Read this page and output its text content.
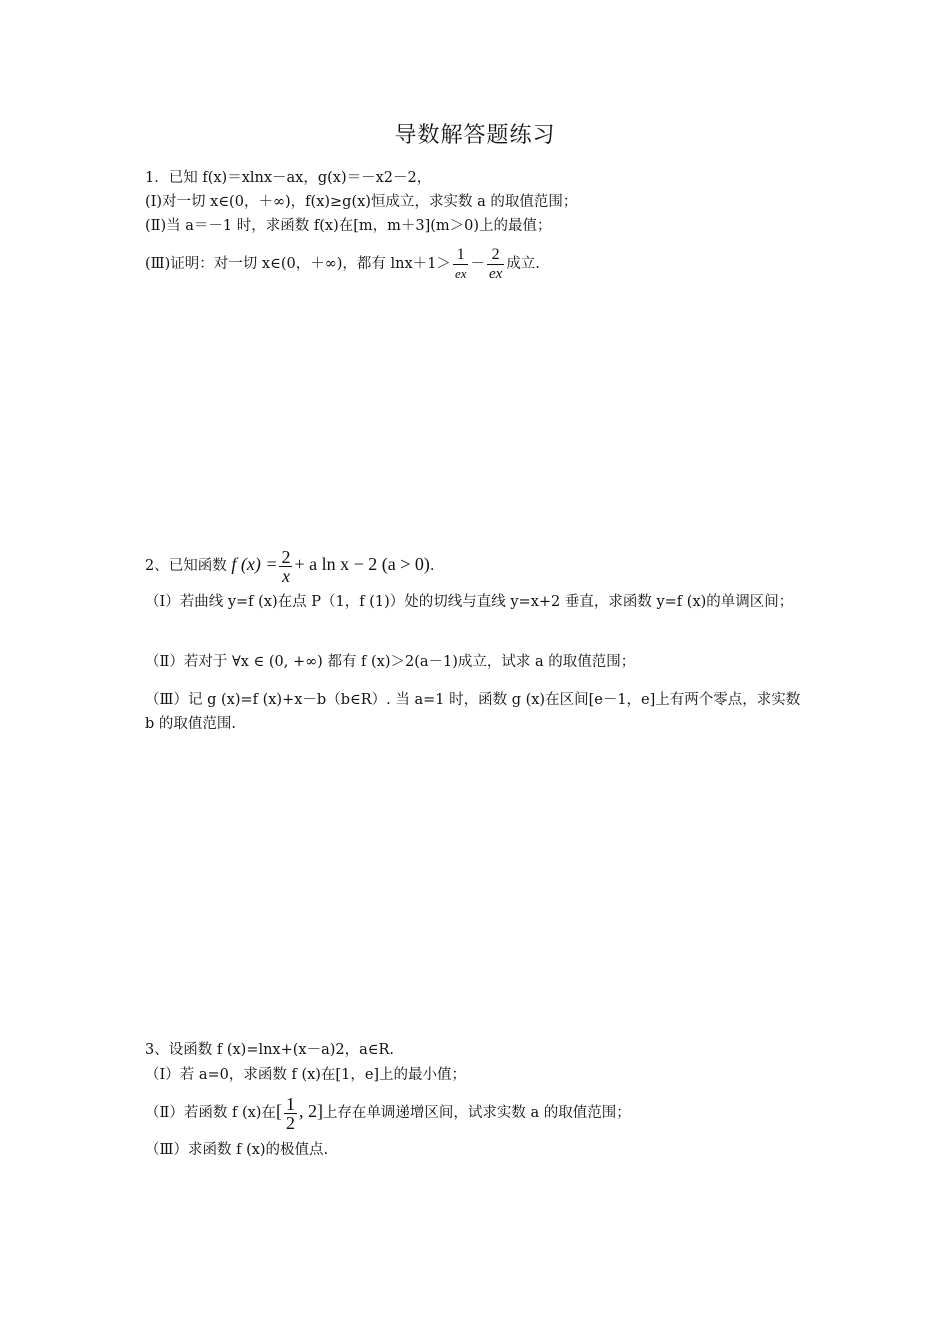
导数解答题练习
1．已知 f(x)＝xlnx－ax，g(x)＝－x2－2，
(Ⅰ)对一切 x∈(0，＋∞)，f(x)≥g(x)恒成立，求实数 a 的取值范围；
(Ⅱ)当 a＝－1 时，求函数 f(x)在[m，m＋3](m＞0)上的最值；
(Ⅲ)证明：对一切 x∈(0，＋∞)，都有 $\ln x+1> \frac{1}{ex} - \frac{2}{ex}$ 成立.
2、已知函数 f $(x) = \frac{2}{x} + a$ ln x − 2 (a > 0).
（Ⅰ）若曲线 y=f (x)在点 P（1，f (1)）处的切线与直线 y=x+2 垂直，求函数 y=f (x)的单调区间；
（Ⅱ）若对于 ∀x ∈ (0, +∞) 都有 f (x)＞2(a－1)成立，试求 a 的取值范围；
（Ⅲ）记 g (x)=f (x)+x－b（b∈R）. 当 a=1 时，函数 g (x)在区间[e－1，e]上有两个零点，求实数 b 的取值范围.
3、设函数 f (x)=lnx+(x－a)2，a∈R.
（Ⅰ）若 a=0，求函数 f (x)在[1，e]上的最小值；
（Ⅱ）若函数 f (x)在[ $\frac{1}{2}$ , 2]上存在单调递增区间，试求实数 a 的取值范围；
（Ⅲ）求函数 f (x)的极值点.
